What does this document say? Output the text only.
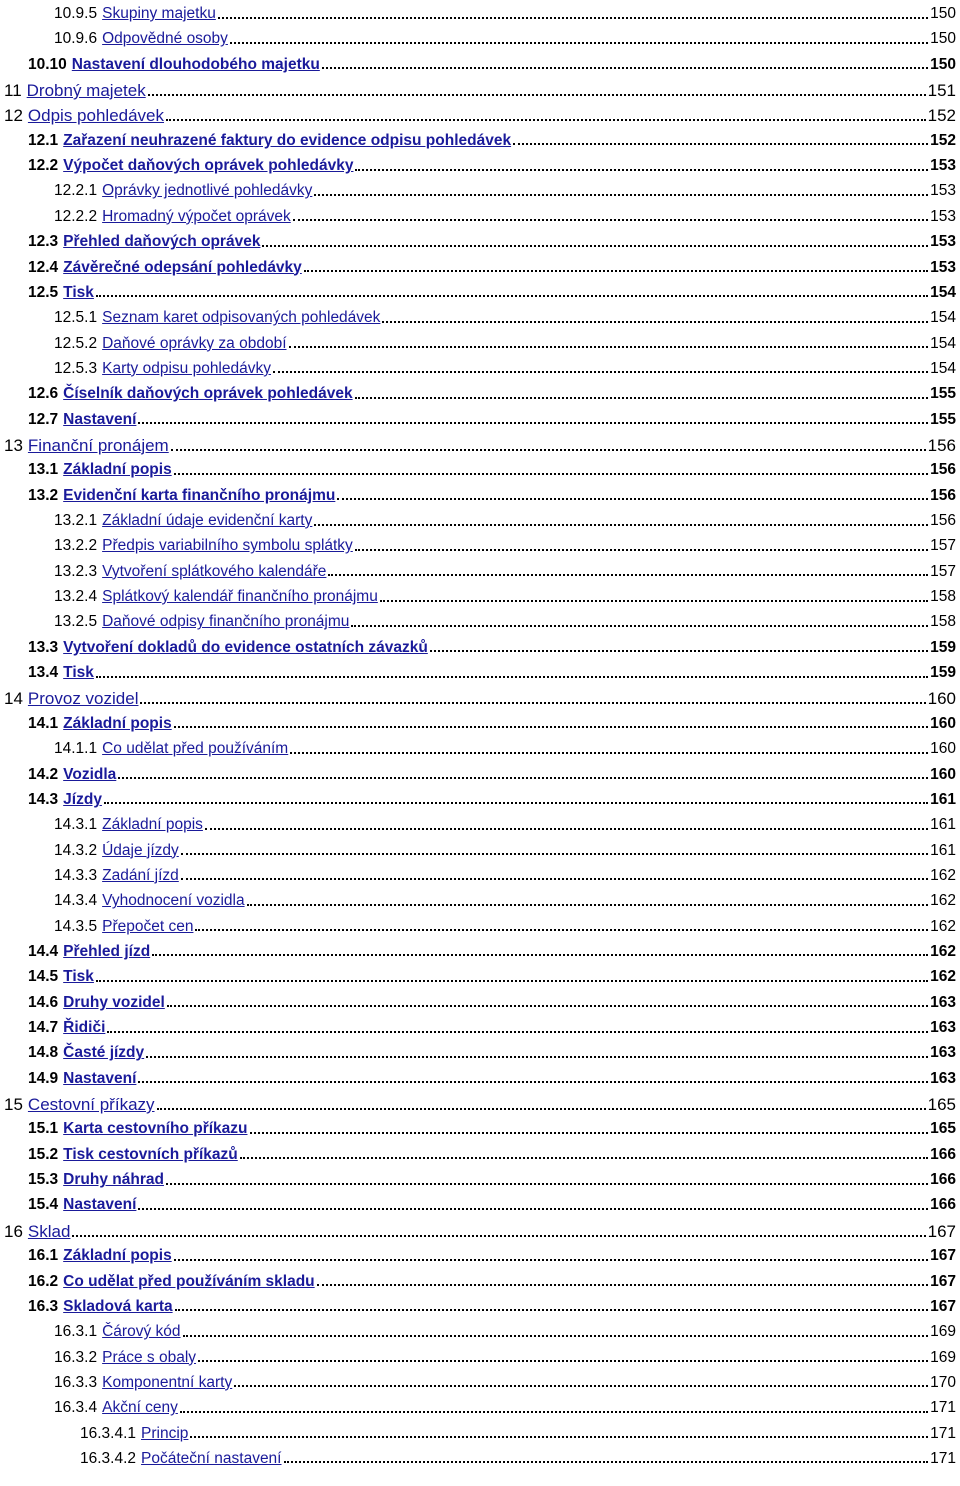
10.9.5 Skupiny majetku	150
10.9.6 Odpovědné osoby	150
10.10 Nastavení dlouhodobého majetku	150
11 Drobný majetek	151
12 Odpis pohledávek	152
12.1 Zařazení neuhrazené faktury do evidence odpisu pohledávek	152
12.2 Výpočet daňových oprávek pohledávky	153
12.2.1 Oprávky jednotlivé pohledávky	153
12.2.2 Hromadný výpočet oprávek	153
12.3 Přehled daňových oprávek	153
12.4 Závěrečné odepsání pohledávky	153
12.5 Tisk	154
12.5.1 Seznam karet odpisovaných pohledávek	154
12.5.2 Daňové oprávky za období	154
12.5.3 Karty odpisu pohledávky	154
12.6 Číselník daňových oprávek pohledávek	155
12.7 Nastavení	155
13 Finanční pronájem	156
13.1 Základní popis	156
13.2 Evidenční karta finančního pronájmu	156
13.2.1 Základní údaje evidenční karty	156
13.2.2 Předpis variabilního symbolu splátky	157
13.2.3 Vytvoření splátkového kalendáře	157
13.2.4 Splátkový kalendář finančního pronájmu	158
13.2.5 Daňové odpisy finančního pronájmu	158
13.3 Vytvoření dokladů do evidence ostatních závazků	159
13.4 Tisk	159
14 Provoz vozidel	160
14.1 Základní popis	160
14.1.1 Co udělat před používáním	160
14.2 Vozidla	160
14.3 Jízdy	161
14.3.1 Základní popis	161
14.3.2 Údaje jízdy	161
14.3.3 Zadání jízd	162
14.3.4 Vyhodnocení vozidla	162
14.3.5 Přepočet cen	162
14.4 Přehled jízd	162
14.5 Tisk	162
14.6 Druhy vozidel	163
14.7 Řidiči	163
14.8 Časté jízdy	163
14.9 Nastavení	163
15 Cestovní příkazy	165
15.1 Karta cestovního příkazu	165
15.2 Tisk cestovních příkazů	166
15.3 Druhy náhrad	166
15.4 Nastavení	166
16 Sklad	167
16.1 Základní popis	167
16.2 Co udělat před používáním skladu	167
16.3 Skladová karta	167
16.3.1 Čárový kód	169
16.3.2 Práce s obaly	169
16.3.3 Komponentní karty	170
16.3.4 Akční ceny	171
16.3.4.1 Princip	171
16.3.4.2 Počáteční nastavení	171
